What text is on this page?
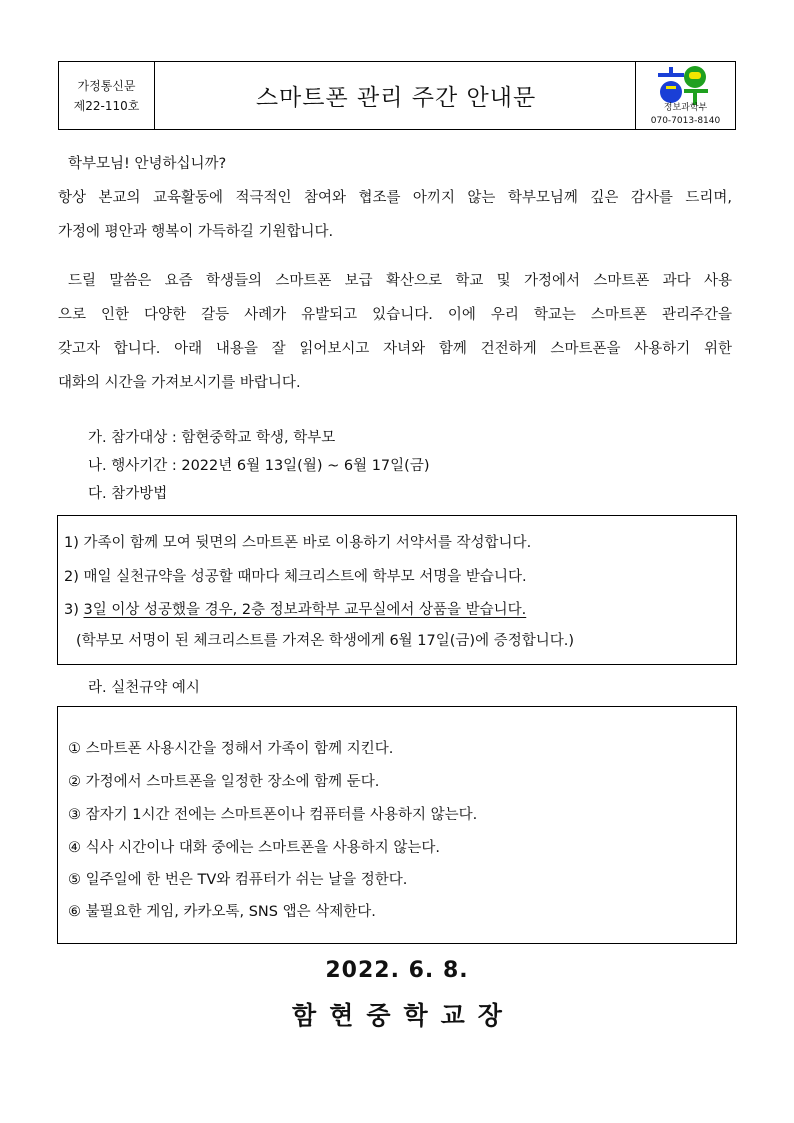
가정통신문
제22-110호	스마트폰 관리 주간 안내문	정보과학부
070-7013-8140
학부모님! 안녕하십니까?
항상 본교의 교육활동에 적극적인 참여와 협조를 아끼지 않는 학부모님께 깊은 감사를 드리며,
가정에 평안과 행복이 가득하길 기원합니다.
드릴 말씀은 요즘 학생들의 스마트폰 보급 확산으로 학교 및 가정에서 스마트폰 과다 사용
으로 인한 다양한 갈등 사례가 유발되고 있습니다. 이에 우리 학교는 스마트폰 관리주간을
갖고자 합니다. 아래 내용을 잘 읽어보시고 자녀와 함께 건전하게 스마트폰을 사용하기 위한
대화의 시간을 가져보시기를 바랍니다.
가. 참가대상 : 함현중학교 학생, 학부모
나. 행사기간 : 2022년 6월 13일(월) ~ 6월 17일(금)
다. 참가방법
1) 가족이 함께 모여 뒷면의 스마트폰 바로 이용하기 서약서를 작성합니다.
2) 매일 실천규약을 성공할 때마다 체크리스트에 학부모 서명을 받습니다.
3) 3일 이상 성공했을 경우, 2층 정보과학부 교무실에서 상품을 받습니다.
(학부모 서명이 된 체크리스트를 가져온 학생에게 6월 17일(금)에 증정합니다.)
라. 실천규약 예시
① 스마트폰 사용시간을 정해서 가족이 함께 지킨다.
② 가정에서 스마트폰을 일정한 장소에 함께 둔다.
③ 잠자기 1시간 전에는 스마트폰이나 컴퓨터를 사용하지 않는다.
④ 식사 시간이나 대화 중에는 스마트폰을 사용하지 않는다.
⑤ 일주일에 한 번은 TV와 컴퓨터가 쉬는 날을 정한다.
⑥ 불필요한 게임, 카카오톡, SNS 앱은 삭제한다.
2022. 6. 8.
함현중학교장
